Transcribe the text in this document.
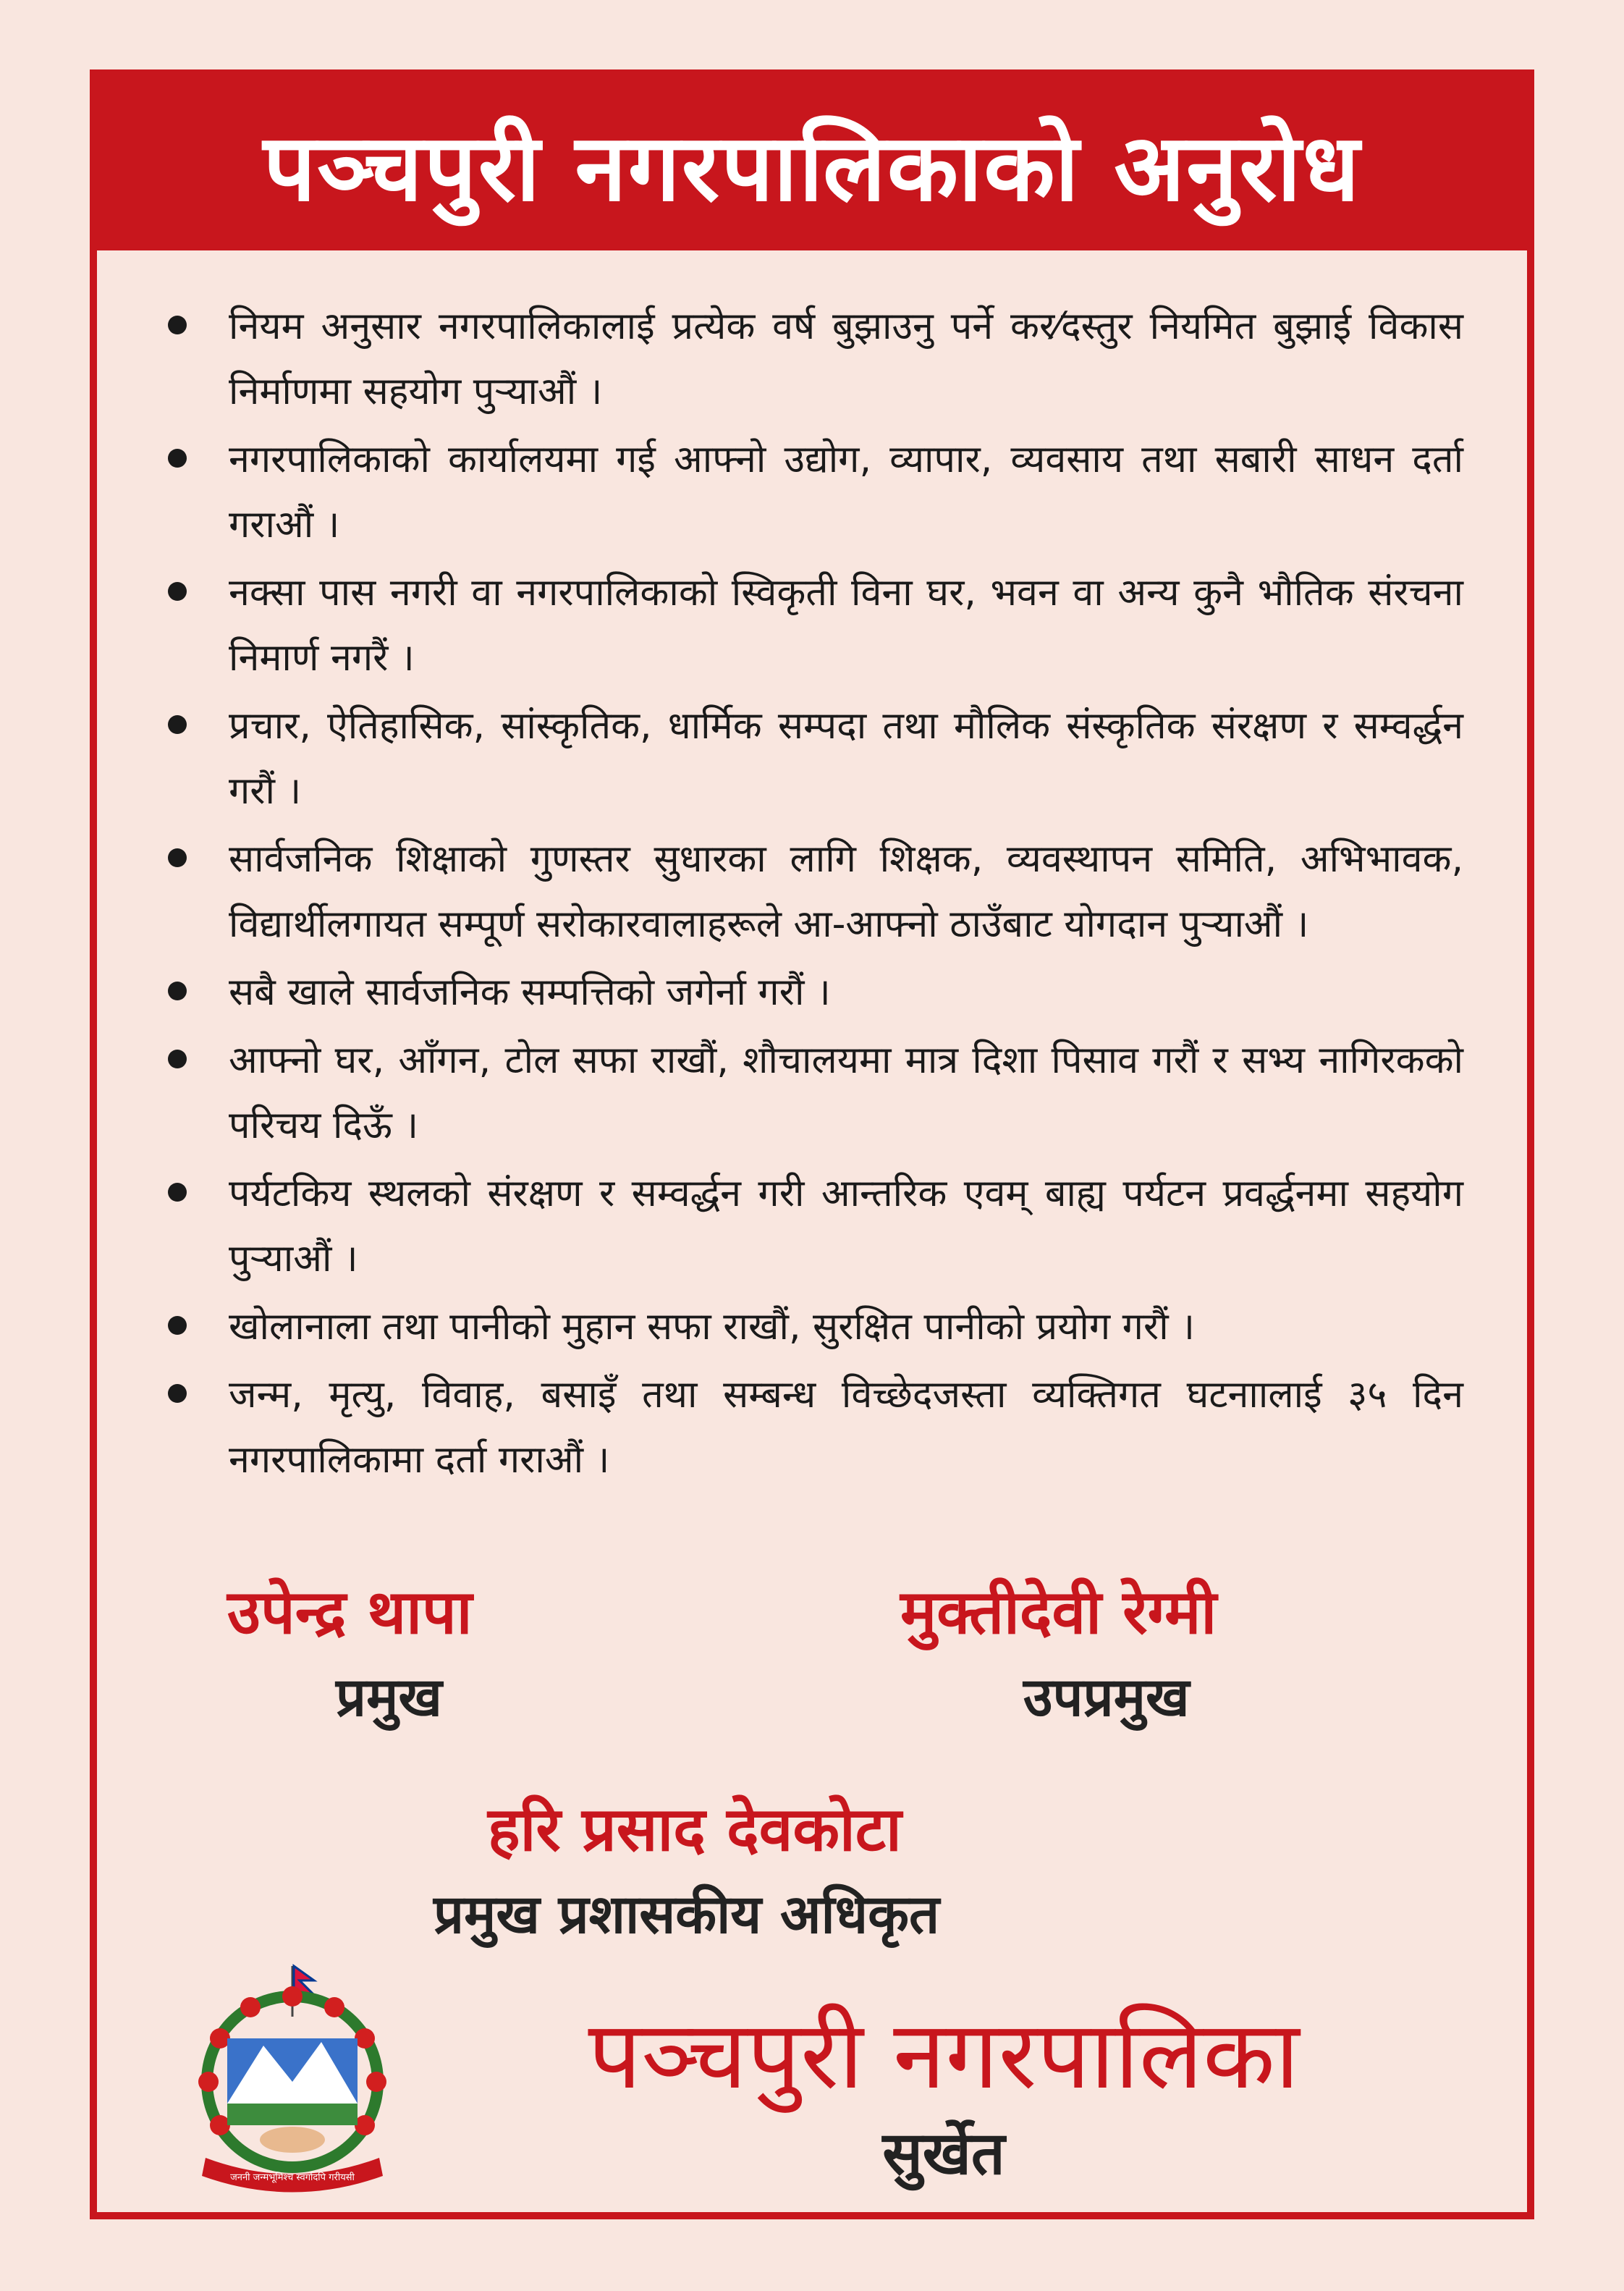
पञ्चपुरी नगरपालिकाको अनुरोध
नियम अनुसार नगरपालिकालाई प्रत्येक वर्ष बुझाउनु पर्ने कर⁄दस्तुर नियमित बुझाई विकास निर्माणमा सहयोग पुऱ्याऔं ।
नगरपालिकाको कार्यालयमा गई आफ्नो उद्योग, व्यापार, व्यवसाय तथा सबारी साधन दर्ता गराऔं ।
नक्सा पास नगरी वा नगरपालिकाको स्विकृती विना घर, भवन वा अन्य कुनै भौतिक संरचना निमार्ण नगरैं ।
प्रचार, ऐतिहासिक, सांस्कृतिक, धार्मिक सम्पदा तथा मौलिक संस्कृतिक संरक्षण र सम्वर्द्धन गरौं ।
सार्वजनिक शिक्षाको गुणस्तर सुधारका लागि शिक्षक, व्यवस्थापन समिति, अभिभावक, विद्यार्थीलगायत सम्पूर्ण सरोकारवालाहरूले आ-आफ्नो ठाउँबाट योगदान पुऱ्याऔं ।
सबै खाले सार्वजनिक सम्पत्तिको जगेर्ना गरौं ।
आफ्नो घर, आँगन, टोल सफा राखौं, शौचालयमा मात्र दिशा पिसाव गरौं र सभ्य नागिरकको परिचय दिऊँ ।
पर्यटकिय स्थलको संरक्षण र सम्वर्द्धन गरी आन्तरिक एवम् बाह्य पर्यटन प्रवर्द्धनमा सहयोग पुऱ्याऔं ।
खोलानाला तथा पानीको मुहान सफा राखौं, सुरक्षित पानीको प्रयोग गरौं ।
जन्म, मृत्यु, विवाह, बसाइँ तथा सम्बन्ध विच्छेदजस्ता व्यक्तिगत घटनाालाई ३५ दिन नगरपालिकामा दर्ता गराऔं ।
उपेन्द्र थापा
प्रमुख
मुक्तीदेवी रेग्मी
उपप्रमुख
हरि प्रसाद देवकोटा
प्रमुख प्रशासकीय अधिकृत
जननी जन्मभूमिश्च स्वर्गादपि गरीयसी
पञ्चपुरी नगरपालिका
सुर्खेत
